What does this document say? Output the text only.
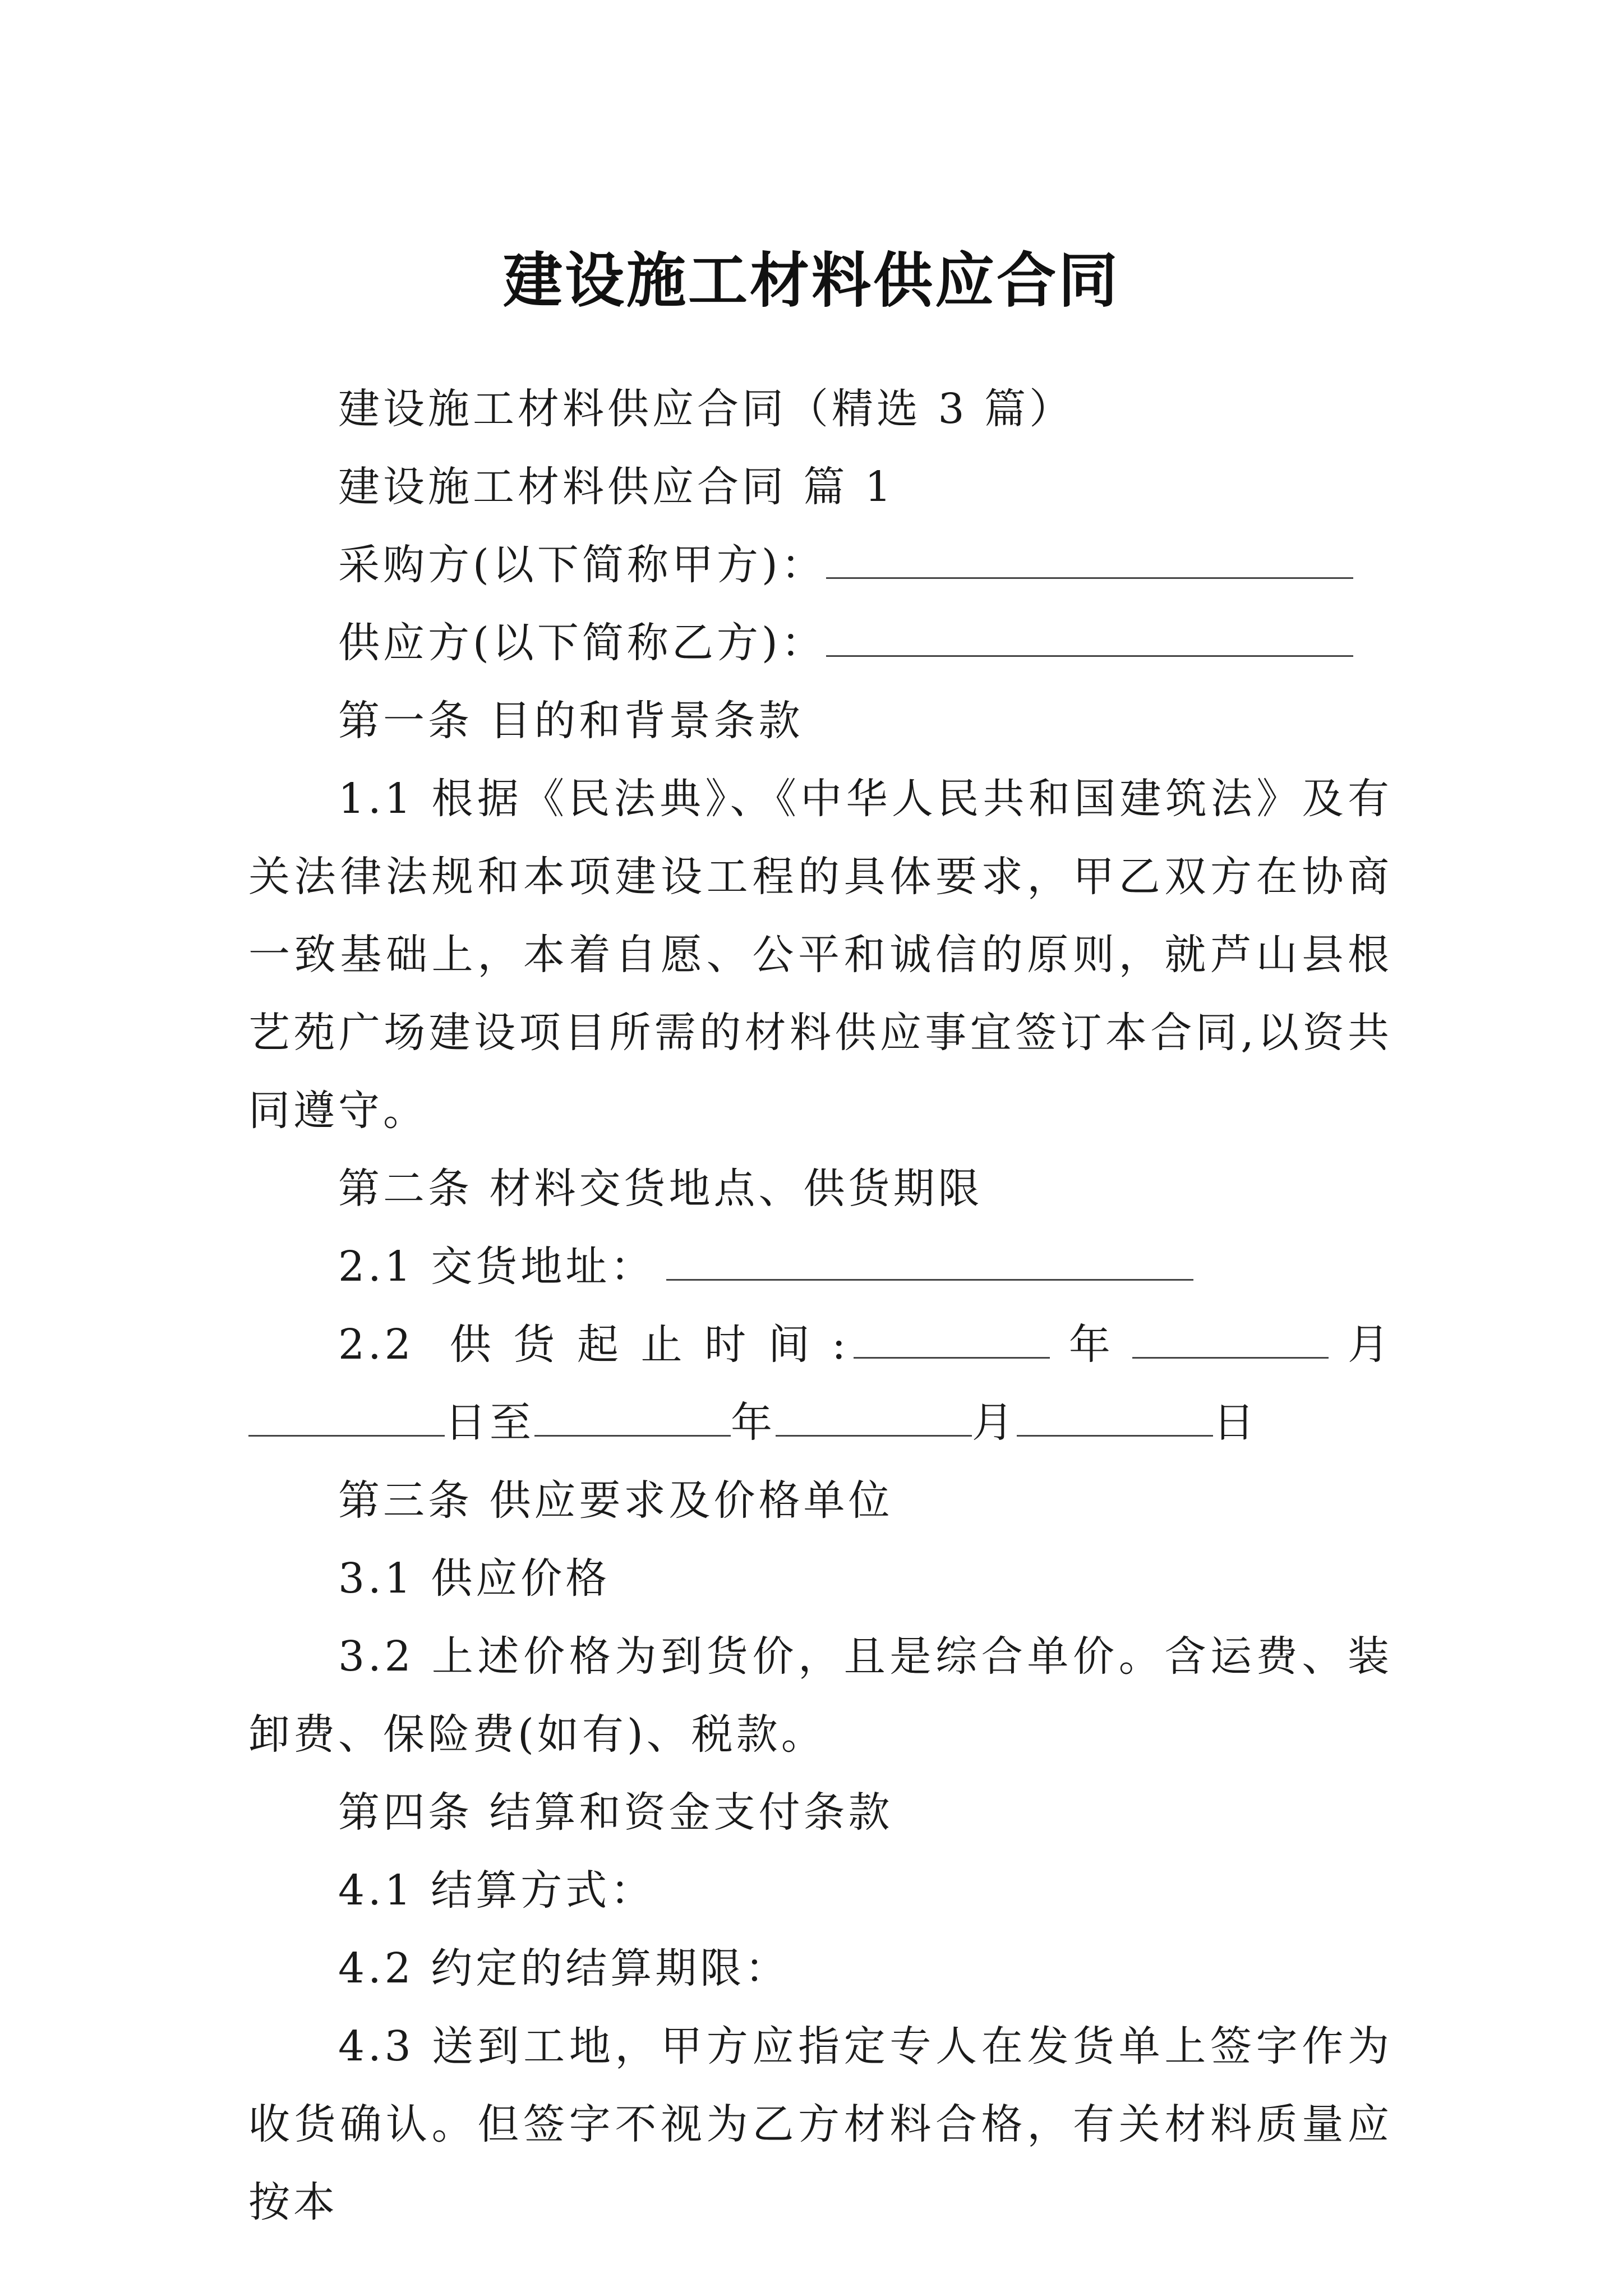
建设施工材料供应合同

建设施工材料供应合同（精选 3 篇）

建设施工材料供应合同 篇 1

采购方(以下简称甲方)：

供应方(以下简称乙方)：

第一条 目的和背景条款

1.1 根据《民法典》、《中华人民共和国建筑法》及有关法律法规和本项建设工程的具体要求，甲乙双方在协商一致基础上，本着自愿、公平和诚信的原则，就芦山县根艺苑广场建设项目所需的材料供应事宜签订本合同,以资共同遵守。

第二条 材料交货地点、供货期限

2.1 交货地址：

2.2 供货起止时间:	年	月日至	年	月	日

第三条 供应要求及价格单位

3.1 供应价格

3.2 上述价格为到货价，且是综合单价。含运费、装卸费、保险费(如有)、税款。

第四条 结算和资金支付条款

4.1 结算方式：

4.2 约定的结算期限：

4.3 送到工地，甲方应指定专人在发货单上签字作为收货确认。但签字不视为乙方材料合格，有关材料质量应按本
